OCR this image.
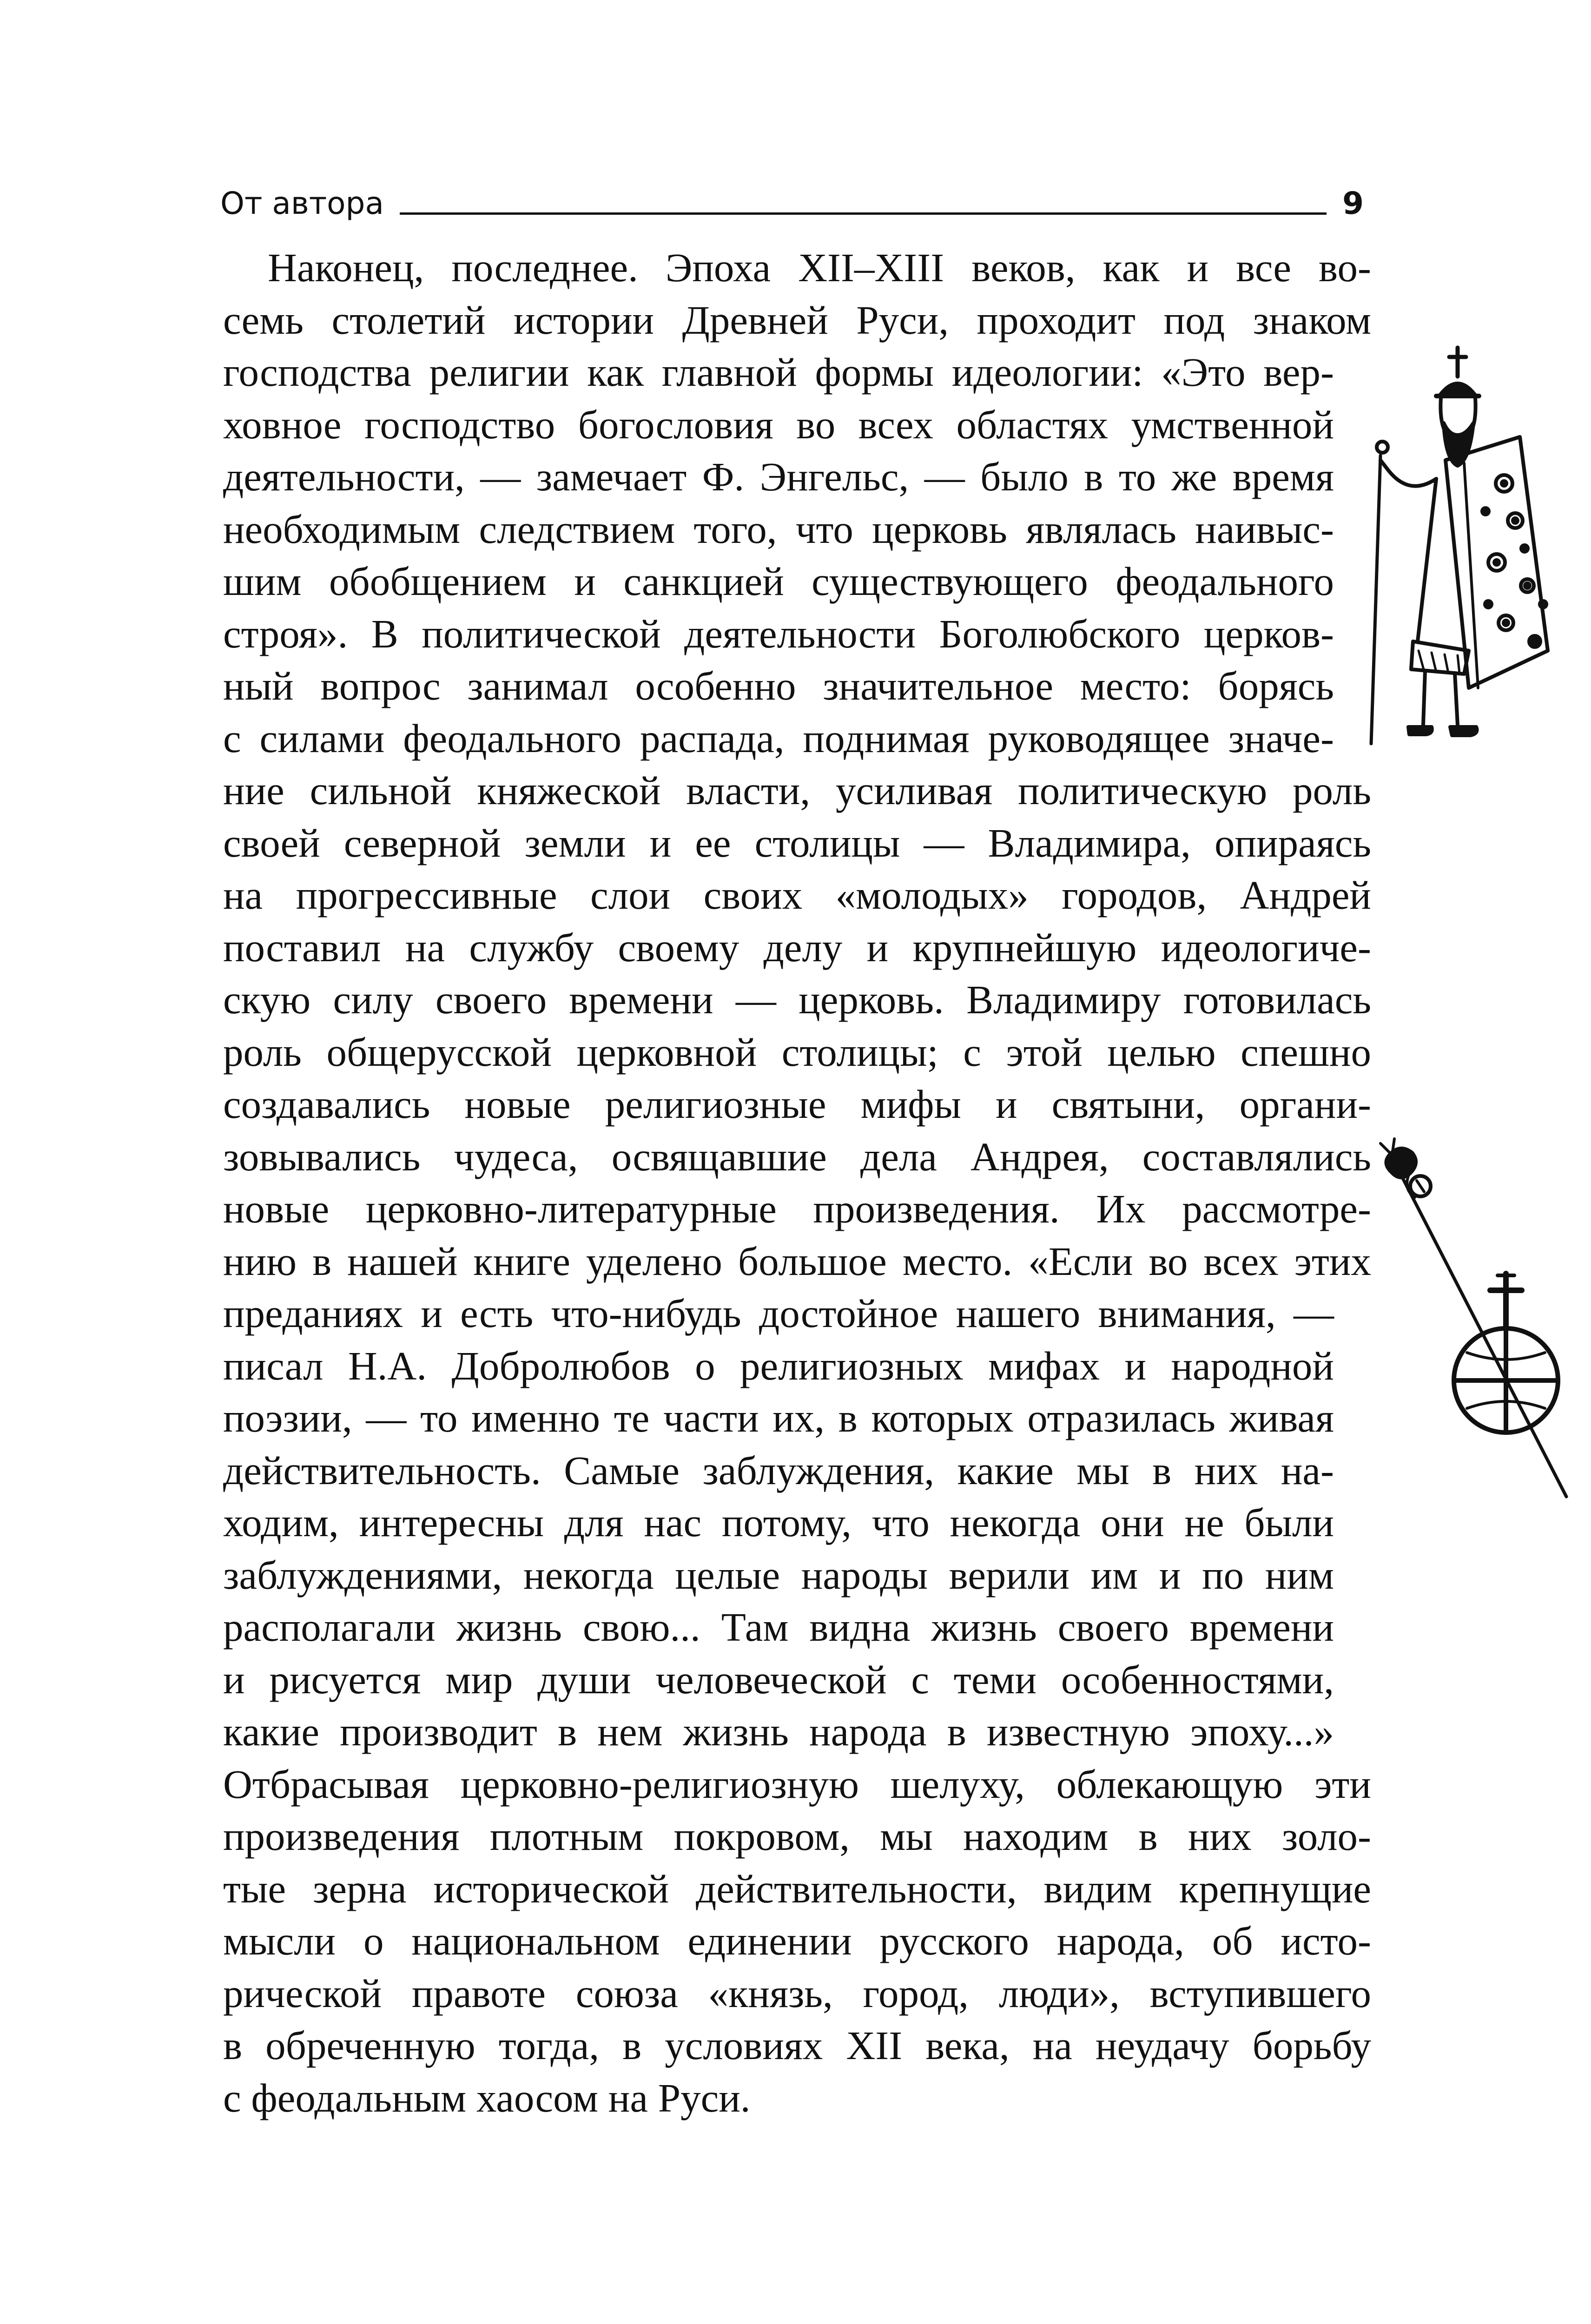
От автора	9

Наконец, последнее. Эпоха XII–XIII веков, как и все во-
семь столетий истории Древней Руси, проходит под знаком
господства религии как главной формы идеологии: «Это вер-
ховное господство богословия во всех областях умственной
деятельности, — замечает Ф. Энгельс, — было в то же время
необходимым следствием того, что церковь являлась наивыс-
шим обобщением и санкцией существующего феодального
строя». В политической деятельности Боголюбского церков-
ный вопрос занимал особенно значительное место: борясь
с силами феодального распада, поднимая руководящее значе-
ние сильной княжеской власти, усиливая политическую роль
своей северной земли и ее столицы — Владимира, опираясь
на прогрессивные слои своих «молодых» городов, Андрей
поставил на службу своему делу и крупнейшую идеологиче-
скую силу своего времени — церковь. Владимиру готовилась
роль общерусской церковной столицы; с этой целью спешно
создавались новые религиозные мифы и святыни, органи-
зовывались чудеса, освящавшие дела Андрея, составлялись
новые церковно-литературные произведения. Их рассмотре-
нию в нашей книге уделено большое место. «Если во всех этих
преданиях и есть что-нибудь достойное нашего внимания, —
писал Н.А. Добролюбов о религиозных мифах и народной
поэзии, — то именно те части их, в которых отразилась живая
действительность. Самые заблуждения, какие мы в них на-
ходим, интересны для нас потому, что некогда они не были
заблуждениями, некогда целые народы верили им и по ним
располагали жизнь свою... Там видна жизнь своего времени
и рисуется мир души человеческой с теми особенностями,
какие производит в нем жизнь народа в известную эпоху...»
Отбрасывая церковно-религиозную шелуху, облекающую эти
произведения плотным покровом, мы находим в них золо-
тые зерна исторической действительности, видим крепнущие
мысли о национальном единении русского народа, об исто-
рической правоте союза «князь, город, люди», вступившего
в обреченную тогда, в условиях XII века, на неудачу борьбу
с феодальным хаосом на Руси.
